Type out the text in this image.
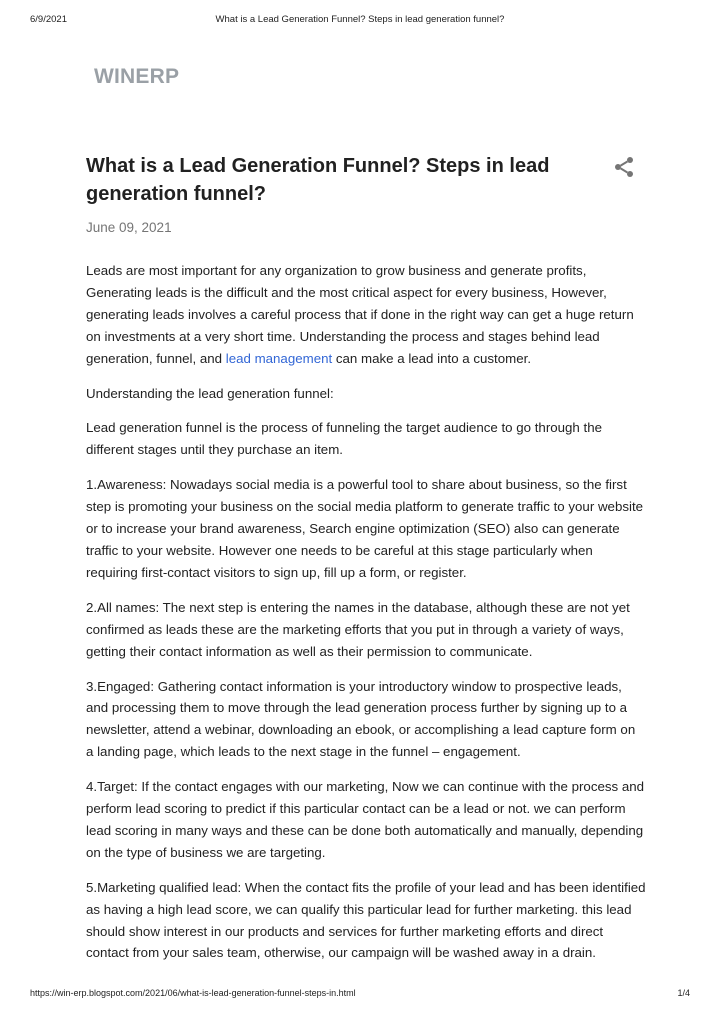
6/9/2021	What is a Lead Generation Funnel? Steps in lead generation funnel?
WINERP
What is a Lead Generation Funnel? Steps in lead generation funnel?
June 09, 2021

Leads are most important for any organization to grow business and generate profits, Generating leads is the difficult and the most critical aspect for every business, However, generating leads involves a careful process that if done in the right way can get a huge return on investments at a very short time. Understanding the process and stages behind lead generation, funnel, and lead management can make a lead into a customer.

Understanding the lead generation funnel:

Lead generation funnel is the process of funneling the target audience to go through the different stages until they purchase an item.

1.Awareness: Nowadays social media is a powerful tool to share about business, so the first step is promoting your business on the social media platform to generate traffic to your website or to increase your brand awareness, Search engine optimization (SEO) also can generate traffic to your website. However one needs to be careful at this stage particularly when requiring first-contact visitors to sign up, fill up a form, or register.

2.All names: The next step is entering the names in the database, although these are not yet confirmed as leads these are the marketing efforts that you put in through a variety of ways, getting their contact information as well as their permission to communicate.

3.Engaged: Gathering contact information is your introductory window to prospective leads, and processing them to move through the lead generation process further by signing up to a newsletter, attend a webinar, downloading an ebook, or accomplishing a lead capture form on a landing page, which leads to the next stage in the funnel – engagement.

4.Target: If the contact engages with our marketing, Now we can continue with the process and perform lead scoring to predict if this particular contact can be a lead or not. we can perform lead scoring in many ways and these can be done both automatically and manually, depending on the type of business we are targeting.

5.Marketing qualified lead: When the contact fits the profile of your lead and has been identified as having a high lead score, we can qualify this particular lead for further marketing. this lead should show interest in our products and services for further marketing efforts and direct contact from your sales team, otherwise, our campaign will be washed away in a drain.

https://win-erp.blogspot.com/2021/06/what-is-lead-generation-funnel-steps-in.html	1/4
